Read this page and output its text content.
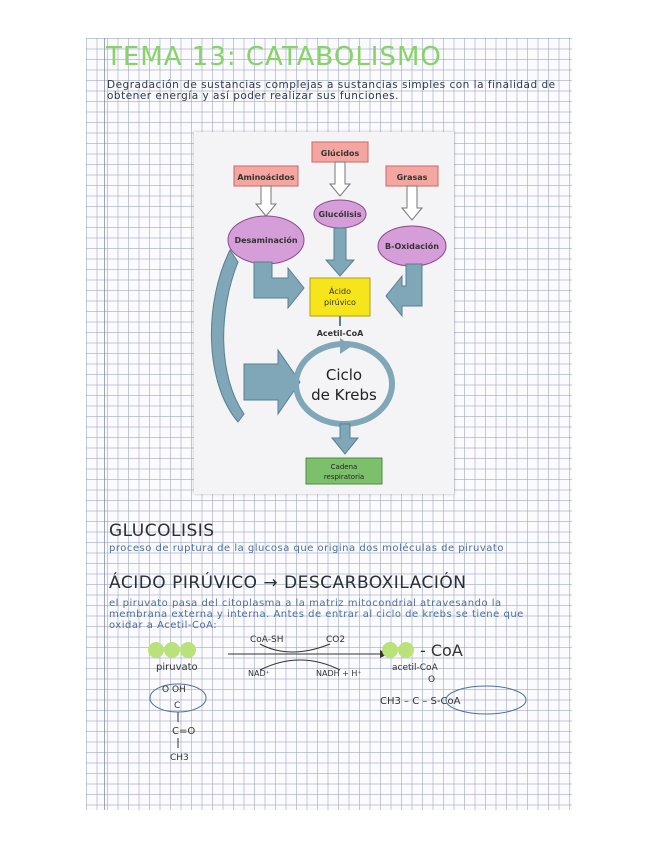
TEMA 13: CATABOLISMO
Degradación de sustancias complejas a sustancias simples con la finalidad de obtener energía y así poder realizar sus funciones.
Glúcidos
Aminoácidos	Grasas
Glucólisis
Desaminación
B-Oxidación
Ácido
pirúvico
Acetil-CoA
Ciclo
de Krebs
Cadena
respiratoria
GLUCOLISIS
proceso de ruptura de la glucosa que origina dos moléculas de piruvato
ÁCIDO PIRÚVICO → DESCARBOXILACIÓN
el piruvato pasa del citoplasma a la matriz mitocondrial atravesando la membrana externa y interna. Antes de entrar al ciclo de krebs se tiene que oxidar a Acetil-CoA:
piruvato
CoA-SH	CO2
NAD⁺	NADH + H⁺
- CoA
acetil-CoA
O OH
C
C=O
CH3
O
CH3 – C – S-CoA
